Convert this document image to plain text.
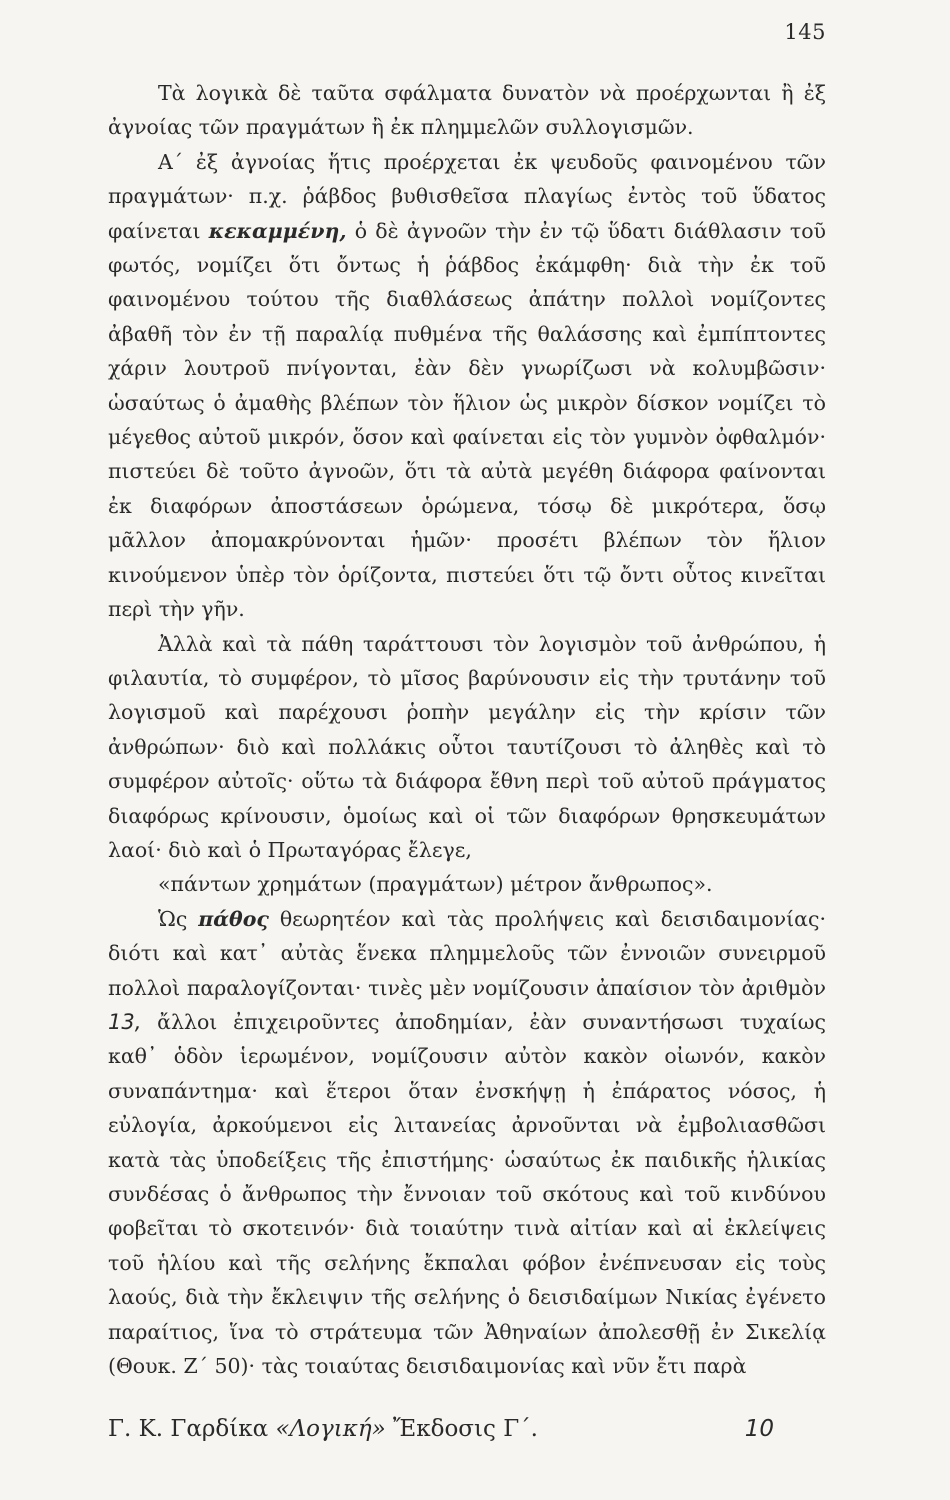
145

Τὰ λογικὰ δὲ ταῦτα σφάλματα δυνατὸν νὰ προέρχωνται ἢ ἐξ ἀγνοίας τῶν πραγμάτων ἢ ἐκ πλημμελῶν συλλογισμῶν.

Α΄ ἐξ ἀγνοίας ἥτις προέρχεται ἐκ ψευδοῦς φαινομένου τῶν πραγμάτων· π.χ. ῥάβδος βυθισθεῖσα πλαγίως ἐντὸς τοῦ ὕδατος φαίνεται κεκαμμένη, ὁ δὲ ἀγνοῶν τὴν ἐν τῷ ὕδατι διάθλασιν τοῦ φωτός, νομίζει ὅτι ὄντως ἡ ῥάβδος ἐκάμφθη· διὰ τὴν ἐκ τοῦ φαινομένου τούτου τῆς διαθλάσεως ἀπάτην πολλοὶ νομίζοντες ἀβαθῆ τὸν ἐν τῇ παραλίᾳ πυθμένα τῆς θαλάσσης καὶ ἐμπίπτοντες χάριν λουτροῦ πνίγονται, ἐὰν δὲν γνωρίζωσι νὰ κολυμβῶσιν· ὡσαύτως ὁ ἀμαθὴς βλέπων τὸν ἥλιον ὡς μικρὸν δίσκον νομίζει τὸ μέγεθος αὐτοῦ μικρόν, ὅσον καὶ φαίνεται εἰς τὸν γυμνὸν ὀφθαλμόν· πιστεύει δὲ τοῦτο ἀγνοῶν, ὅτι τὰ αὐτὰ μεγέθη διάφορα φαίνονται ἐκ διαφόρων ἀποστάσεων ὁρώμενα, τόσῳ δὲ μικρότερα, ὅσῳ μᾶλλον ἀπομακρύνονται ἡμῶν· προσέτι βλέπων τὸν ἥλιον κινούμενον ὑπὲρ τὸν ὁρίζοντα, πιστεύει ὅτι τῷ ὄντι οὗτος κινεῖται περὶ τὴν γῆν.

Ἀλλὰ καὶ τὰ πάθη ταράττουσι τὸν λογισμὸν τοῦ ἀνθρώπου, ἡ φιλαυτία, τὸ συμφέρον, τὸ μῖσος βαρύνουσιν εἰς τὴν τρυτάνην τοῦ λογισμοῦ καὶ παρέχουσι ῥοπὴν μεγάλην εἰς τὴν κρίσιν τῶν ἀνθρώπων· διὸ καὶ πολλάκις οὗτοι ταυτίζουσι τὸ ἀληθὲς καὶ τὸ συμφέρον αὐτοῖς· οὕτω τὰ διάφορα ἔθνη περὶ τοῦ αὐτοῦ πράγματος διαφόρως κρίνουσιν, ὁμοίως καὶ οἱ τῶν διαφόρων θρησκευμάτων λαοί· διὸ καὶ ὁ Πρωταγόρας ἔλεγε,

«πάντων χρημάτων (πραγμάτων) μέτρον ἄνθρωπος».

Ὡς πάθος θεωρητέον καὶ τὰς προλήψεις καὶ δεισιδαιμονίας· διότι καὶ κατ᾽ αὐτὰς ἕνεκα πλημμελοῦς τῶν ἐννοιῶν συνειρμοῦ πολλοὶ παραλογίζονται· τινὲς μὲν νομίζουσιν ἀπαίσιον τὸν ἀριθμὸν 13, ἄλλοι ἐπιχειροῦντες ἀποδημίαν, ἐὰν συναντήσωσι τυχαίως καθ᾽ ὁδὸν ἱερωμένον, νομίζουσιν αὐτὸν κακὸν οἰωνόν, κακὸν συναπάντημα· καὶ ἕτεροι ὅταν ἐνσκήψῃ ἡ ἐπάρατος νόσος, ἡ εὐλογία, ἀρκούμενοι εἰς λιτανείας ἀρνοῦνται νὰ ἐμβολιασθῶσι κατὰ τὰς ὑποδείξεις τῆς ἐπιστήμης· ὡσαύτως ἐκ παιδικῆς ἡλικίας συνδέσας ὁ ἄνθρωπος τὴν ἔννοιαν τοῦ σκότους καὶ τοῦ κινδύνου φοβεῖται τὸ σκοτεινόν· διὰ τοιαύτην τινὰ αἰτίαν καὶ αἱ ἐκλείψεις τοῦ ἡλίου καὶ τῆς σελήνης ἔκπαλαι φόβον ἐνέπνευσαν εἰς τοὺς λαούς, διὰ τὴν ἔκλειψιν τῆς σελήνης ὁ δεισιδαίμων Νικίας ἐγένετο παραίτιος, ἵνα τὸ στράτευμα τῶν Ἀθηναίων ἀπολεσθῇ ἐν Σικελίᾳ (Θουκ. Ζ΄ 50)· τὰς τοιαύτας δεισιδαιμονίας καὶ νῦν ἔτι παρὰ

Γ. Κ. Γαρδίκα «Λογική» Ἔκδοσις Γ΄.	10
